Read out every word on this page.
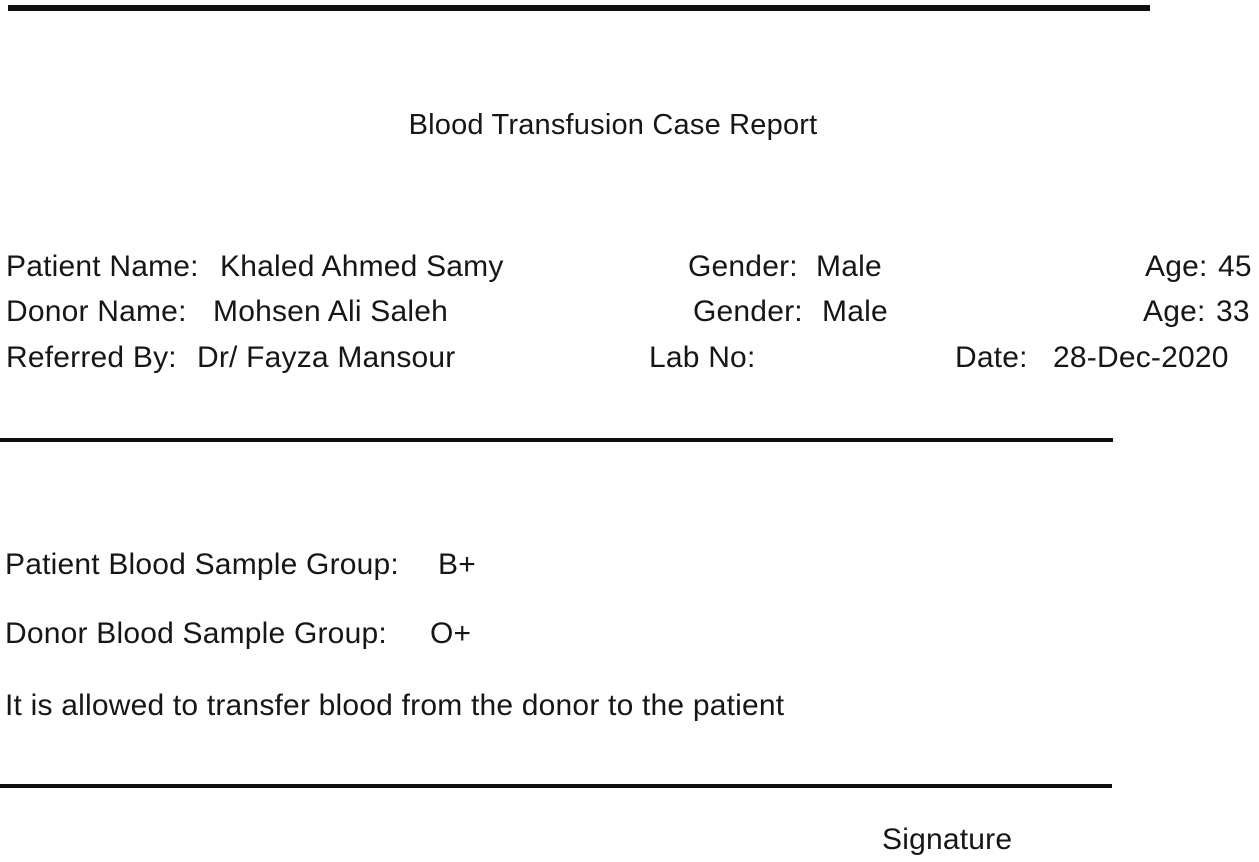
Blood Transfusion Case Report
Patient Name: Khaled Ahmed Samy	Gender: Male	Age: 45
Donor Name: Mohsen Ali Saleh	Gender: Male	Age: 33
Referred By: Dr/ Fayza Mansour	Lab No:	Date: 28-Dec-2020
Patient Blood Sample Group: B+
Donor Blood Sample Group: O+
It is allowed to transfer blood from the donor to the patient
Signature
